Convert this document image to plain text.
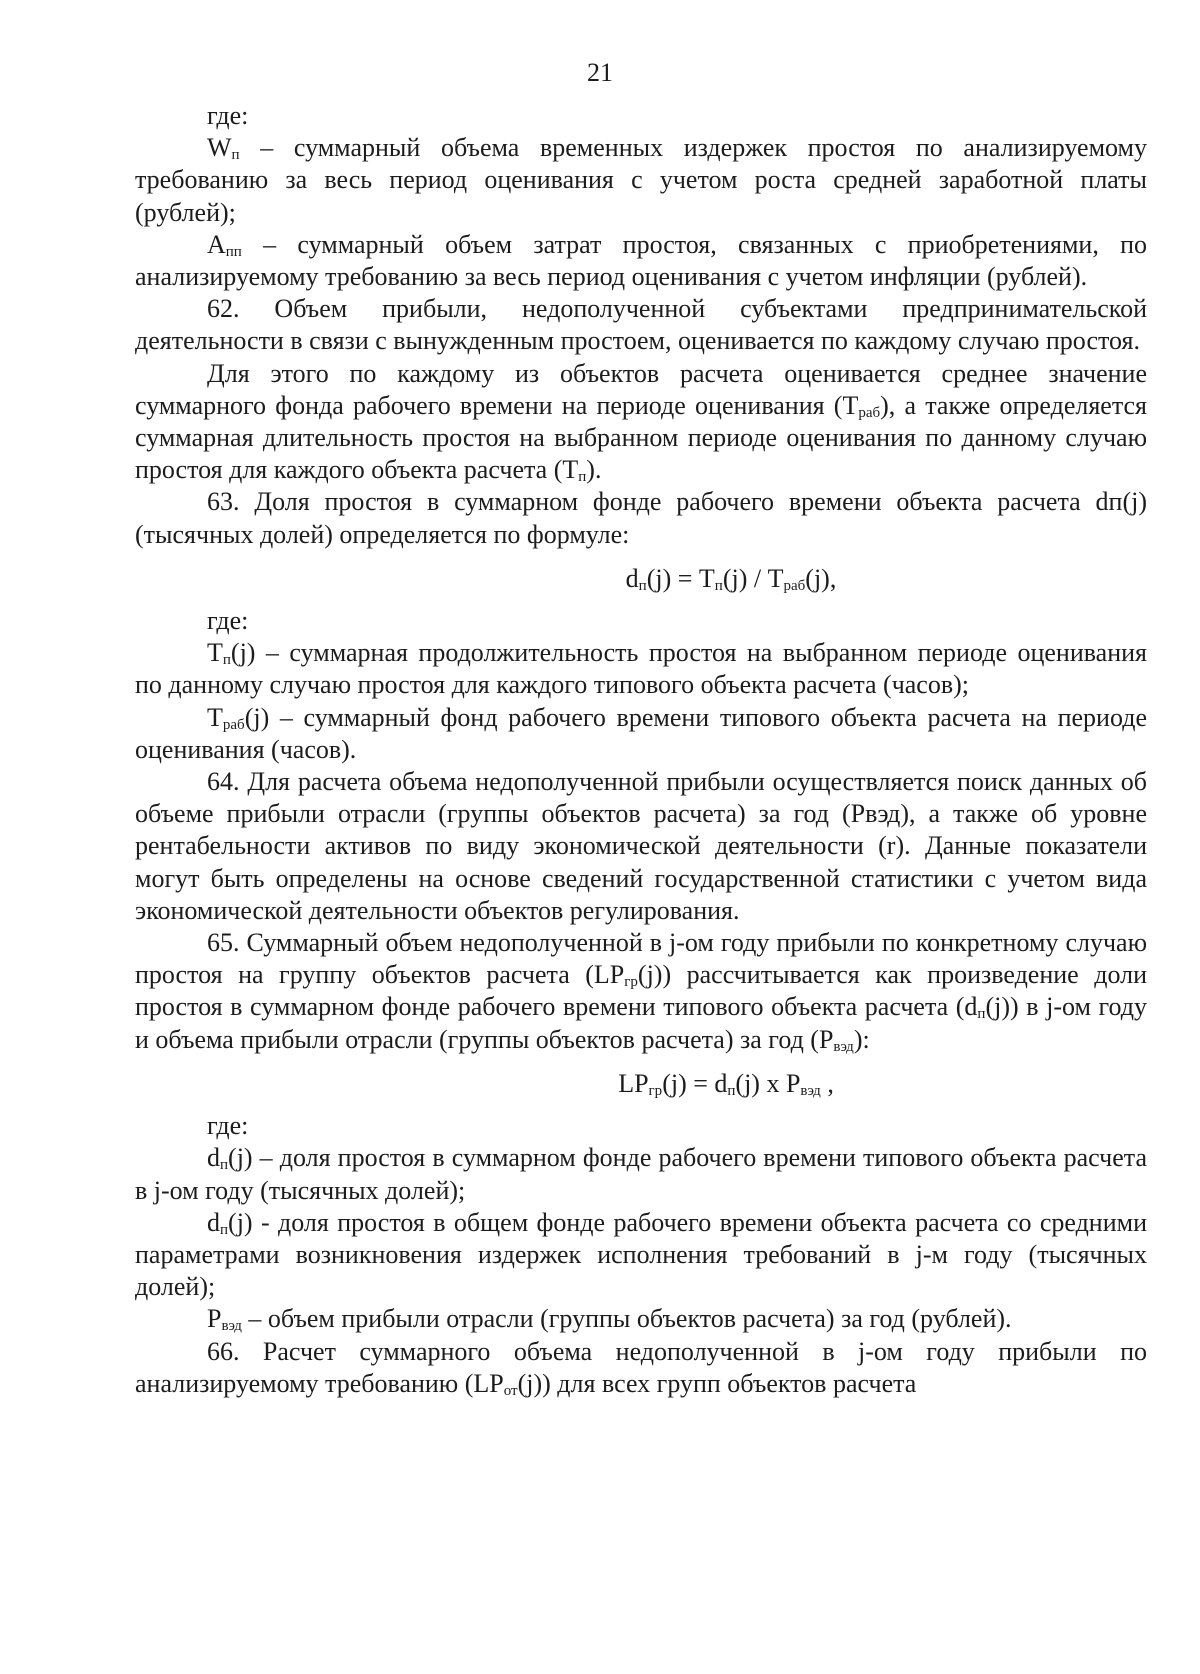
21

где:

$W_п$ – суммарный объема временных издержек простоя по анализируемому требованию за весь период оценивания с учетом роста средней заработной платы (рублей);

$А_{пп}$ – суммарный объем затрат простоя, связанных с приобретениями, по анализируемому требованию за весь период оценивания с учетом инфляции (рублей).

62. Объем прибыли, недополученной субъектами предпринимательской деятельности в связи с вынужденным простоем, оценивается по каждому случаю простоя.

Для этого по каждому из объектов расчета оценивается среднее значение суммарного фонда рабочего времени на периоде оценивания $(Т_{раб})$, а также определяется суммарная длительность простоя на выбранном периоде оценивания по данному случаю простоя для каждого объекта расчета $(Т_п)$.

63. Доля простоя в суммарном фонде рабочего времени объекта расчета dп(j) (тысячных долей) определяется по формуле:

$d_п(j) = T_п(j) / T_{раб}(j)$,

где:

$T_п(j)$ – суммарная продолжительность простоя на выбранном периоде оценивания по данному случаю простоя для каждого типового объекта расчета (часов);

$T_{раб}(j)$ – суммарный фонд рабочего времени типового объекта расчета на периоде оценивания (часов).

64. Для расчета объема недополученной прибыли осуществляется поиск данных об объеме прибыли отрасли (группы объектов расчета) за год (Рвэд), а также об уровне рентабельности активов по виду экономической деятельности (r). Данные показатели могут быть определены на основе сведений государственной статистики с учетом вида экономической деятельности объектов регулирования.

65. Суммарный объем недополученной в j-ом году прибыли по конкретному случаю простоя на группу объектов расчета $(LP_{гр}(j))$ рассчитывается как произведение доли простоя в суммарном фонде рабочего времени типового объекта расчета $(d_п(j))$ в j-ом году и объема прибыли отрасли (группы объектов расчета) за год $(Р_{вэд})$:

$LP_{гр}(j) = d_п(j)$ x $P_{вэд}$ ,

где:

$d_п(j)$ – доля простоя в суммарном фонде рабочего времени типового объекта расчета в j-ом году (тысячных долей);

$d_п(j)$ - доля простоя в общем фонде рабочего времени объекта расчета со средними параметрами возникновения издержек исполнения требований в j-м году (тысячных долей);

$Р_{вэд}$ – объем прибыли отрасли (группы объектов расчета) за год (рублей).

66. Расчет суммарного объема недополученной в j-ом году прибыли по анализируемому требованию $(LP_{от}(j))$ для всех групп объектов расчета
